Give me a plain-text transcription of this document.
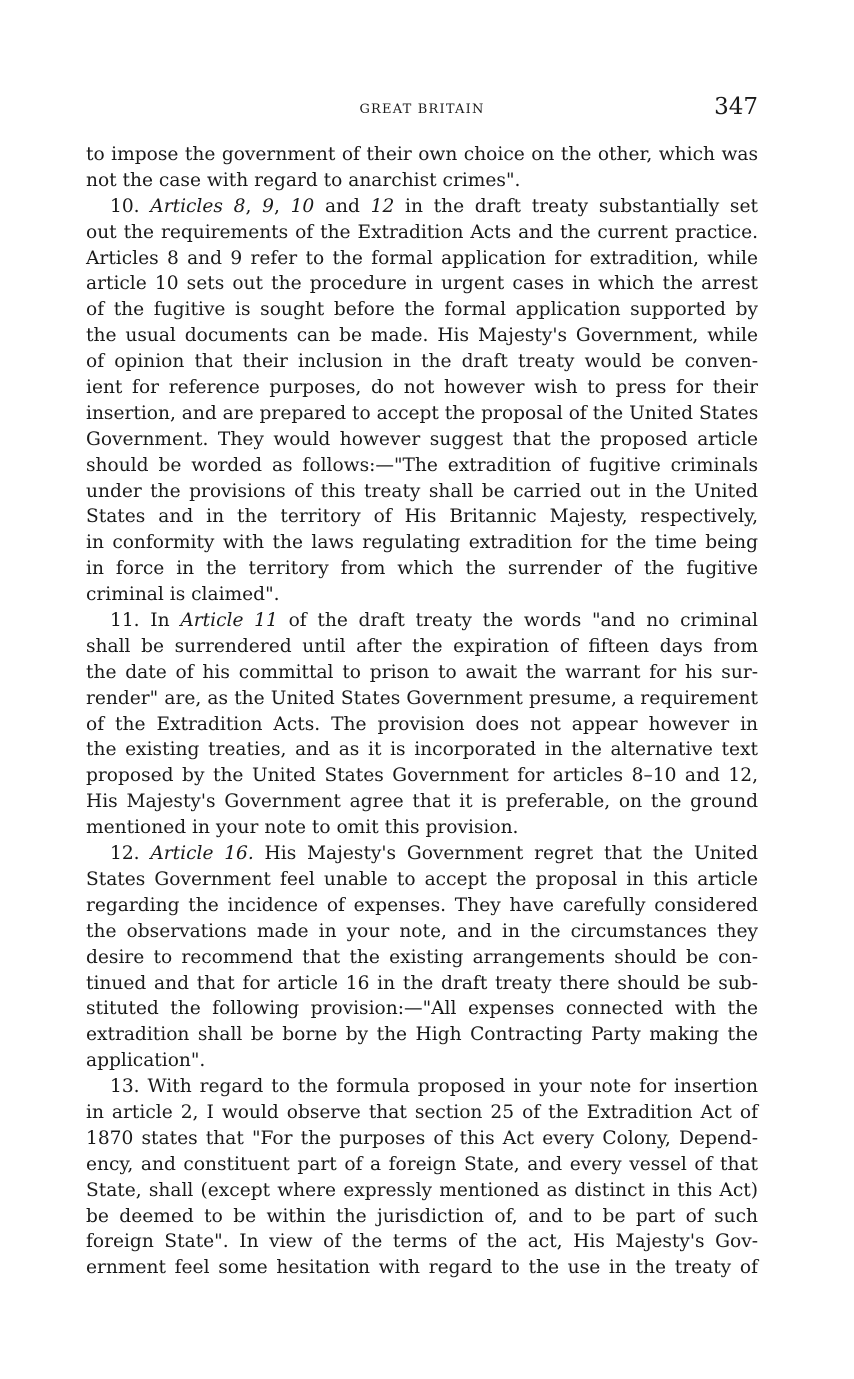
GREAT BRITAIN	347
to impose the government of their own choice on the other, which was
not the case with regard to anarchist crimes".
10. Articles 8, 9, 10 and 12 in the draft treaty substantially set
out the requirements of the Extradition Acts and the current practice.
Articles 8 and 9 refer to the formal application for extradition, while
article 10 sets out the procedure in urgent cases in which the arrest
of the fugitive is sought before the formal application supported by
the usual documents can be made. His Majesty's Government, while
of opinion that their inclusion in the draft treaty would be conven-
ient for reference purposes, do not however wish to press for their
insertion, and are prepared to accept the proposal of the United States
Government. They would however suggest that the proposed article
should be worded as follows:—"The extradition of fugitive criminals
under the provisions of this treaty shall be carried out in the United
States and in the territory of His Britannic Majesty, respectively,
in conformity with the laws regulating extradition for the time being
in force in the territory from which the surrender of the fugitive
criminal is claimed".
11. In Article 11 of the draft treaty the words "and no criminal
shall be surrendered until after the expiration of fifteen days from
the date of his committal to prison to await the warrant for his sur-
render" are, as the United States Government presume, a requirement
of the Extradition Acts. The provision does not appear however in
the existing treaties, and as it is incorporated in the alternative text
proposed by the United States Government for articles 8–10 and 12,
His Majesty's Government agree that it is preferable, on the ground
mentioned in your note to omit this provision.
12. Article 16. His Majesty's Government regret that the United
States Government feel unable to accept the proposal in this article
regarding the incidence of expenses. They have carefully considered
the observations made in your note, and in the circumstances they
desire to recommend that the existing arrangements should be con-
tinued and that for article 16 in the draft treaty there should be sub-
stituted the following provision:—"All expenses connected with the
extradition shall be borne by the High Contracting Party making the
application".
13. With regard to the formula proposed in your note for insertion
in article 2, I would observe that section 25 of the Extradition Act of
1870 states that "For the purposes of this Act every Colony, Depend-
ency, and constituent part of a foreign State, and every vessel of that
State, shall (except where expressly mentioned as distinct in this Act)
be deemed to be within the jurisdiction of, and to be part of such
foreign State". In view of the terms of the act, His Majesty's Gov-
ernment feel some hesitation with regard to the use in the treaty of
